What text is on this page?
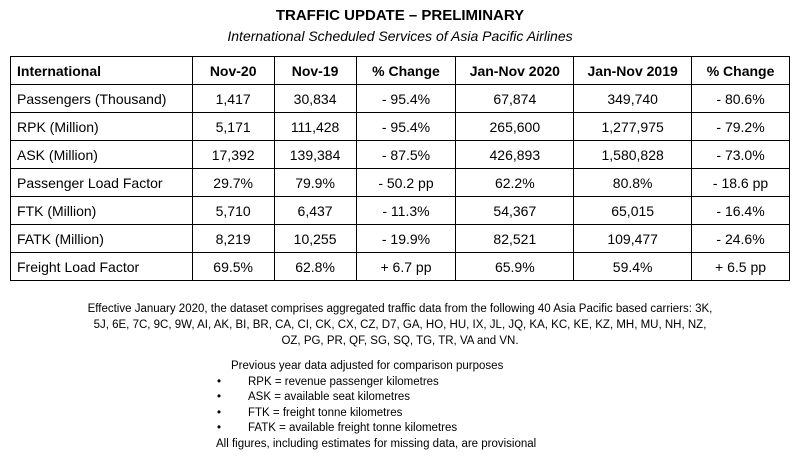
TRAFFIC UPDATE – PRELIMINARY
International Scheduled Services of Asia Pacific Airlines
International	Nov-20	Nov-19	% Change	Jan-Nov 2020	Jan-Nov 2019	% Change
Passengers (Thousand)	1,417	30,834	- 95.4%	67,874	349,740	- 80.6%
RPK (Million)	5,171	111,428	- 95.4%	265,600	1,277,975	- 79.2%
ASK (Million)	17,392	139,384	- 87.5%	426,893	1,580,828	- 73.0%
Passenger Load Factor	29.7%	79.9%	- 50.2 pp	62.2%	80.8%	- 18.6 pp
FTK (Million)	5,710	6,437	- 11.3%	54,367	65,015	- 16.4%
FATK (Million)	8,219	10,255	- 19.9%	82,521	109,477	- 24.6%
Freight Load Factor	69.5%	62.8%	+ 6.7 pp	65.9%	59.4%	+ 6.5 pp
Effective January 2020, the dataset comprises aggregated traffic data from the following 40 Asia Pacific based carriers: 3K,
5J, 6E, 7C, 9C, 9W, AI, AK, BI, BR, CA, CI, CK, CX, CZ, D7, GA, HO, HU, IX, JL, JQ, KA, KC, KE, KZ, MH, MU, NH, NZ,
OZ, PG, PR, QF, SG, SQ, TG, TR, VA and VN.
Previous year data adjusted for comparison purposes
• RPK = revenue passenger kilometres
• ASK = available seat kilometres
• FTK = freight tonne kilometres
• FATK = available freight tonne kilometres
All figures, including estimates for missing data, are provisional
